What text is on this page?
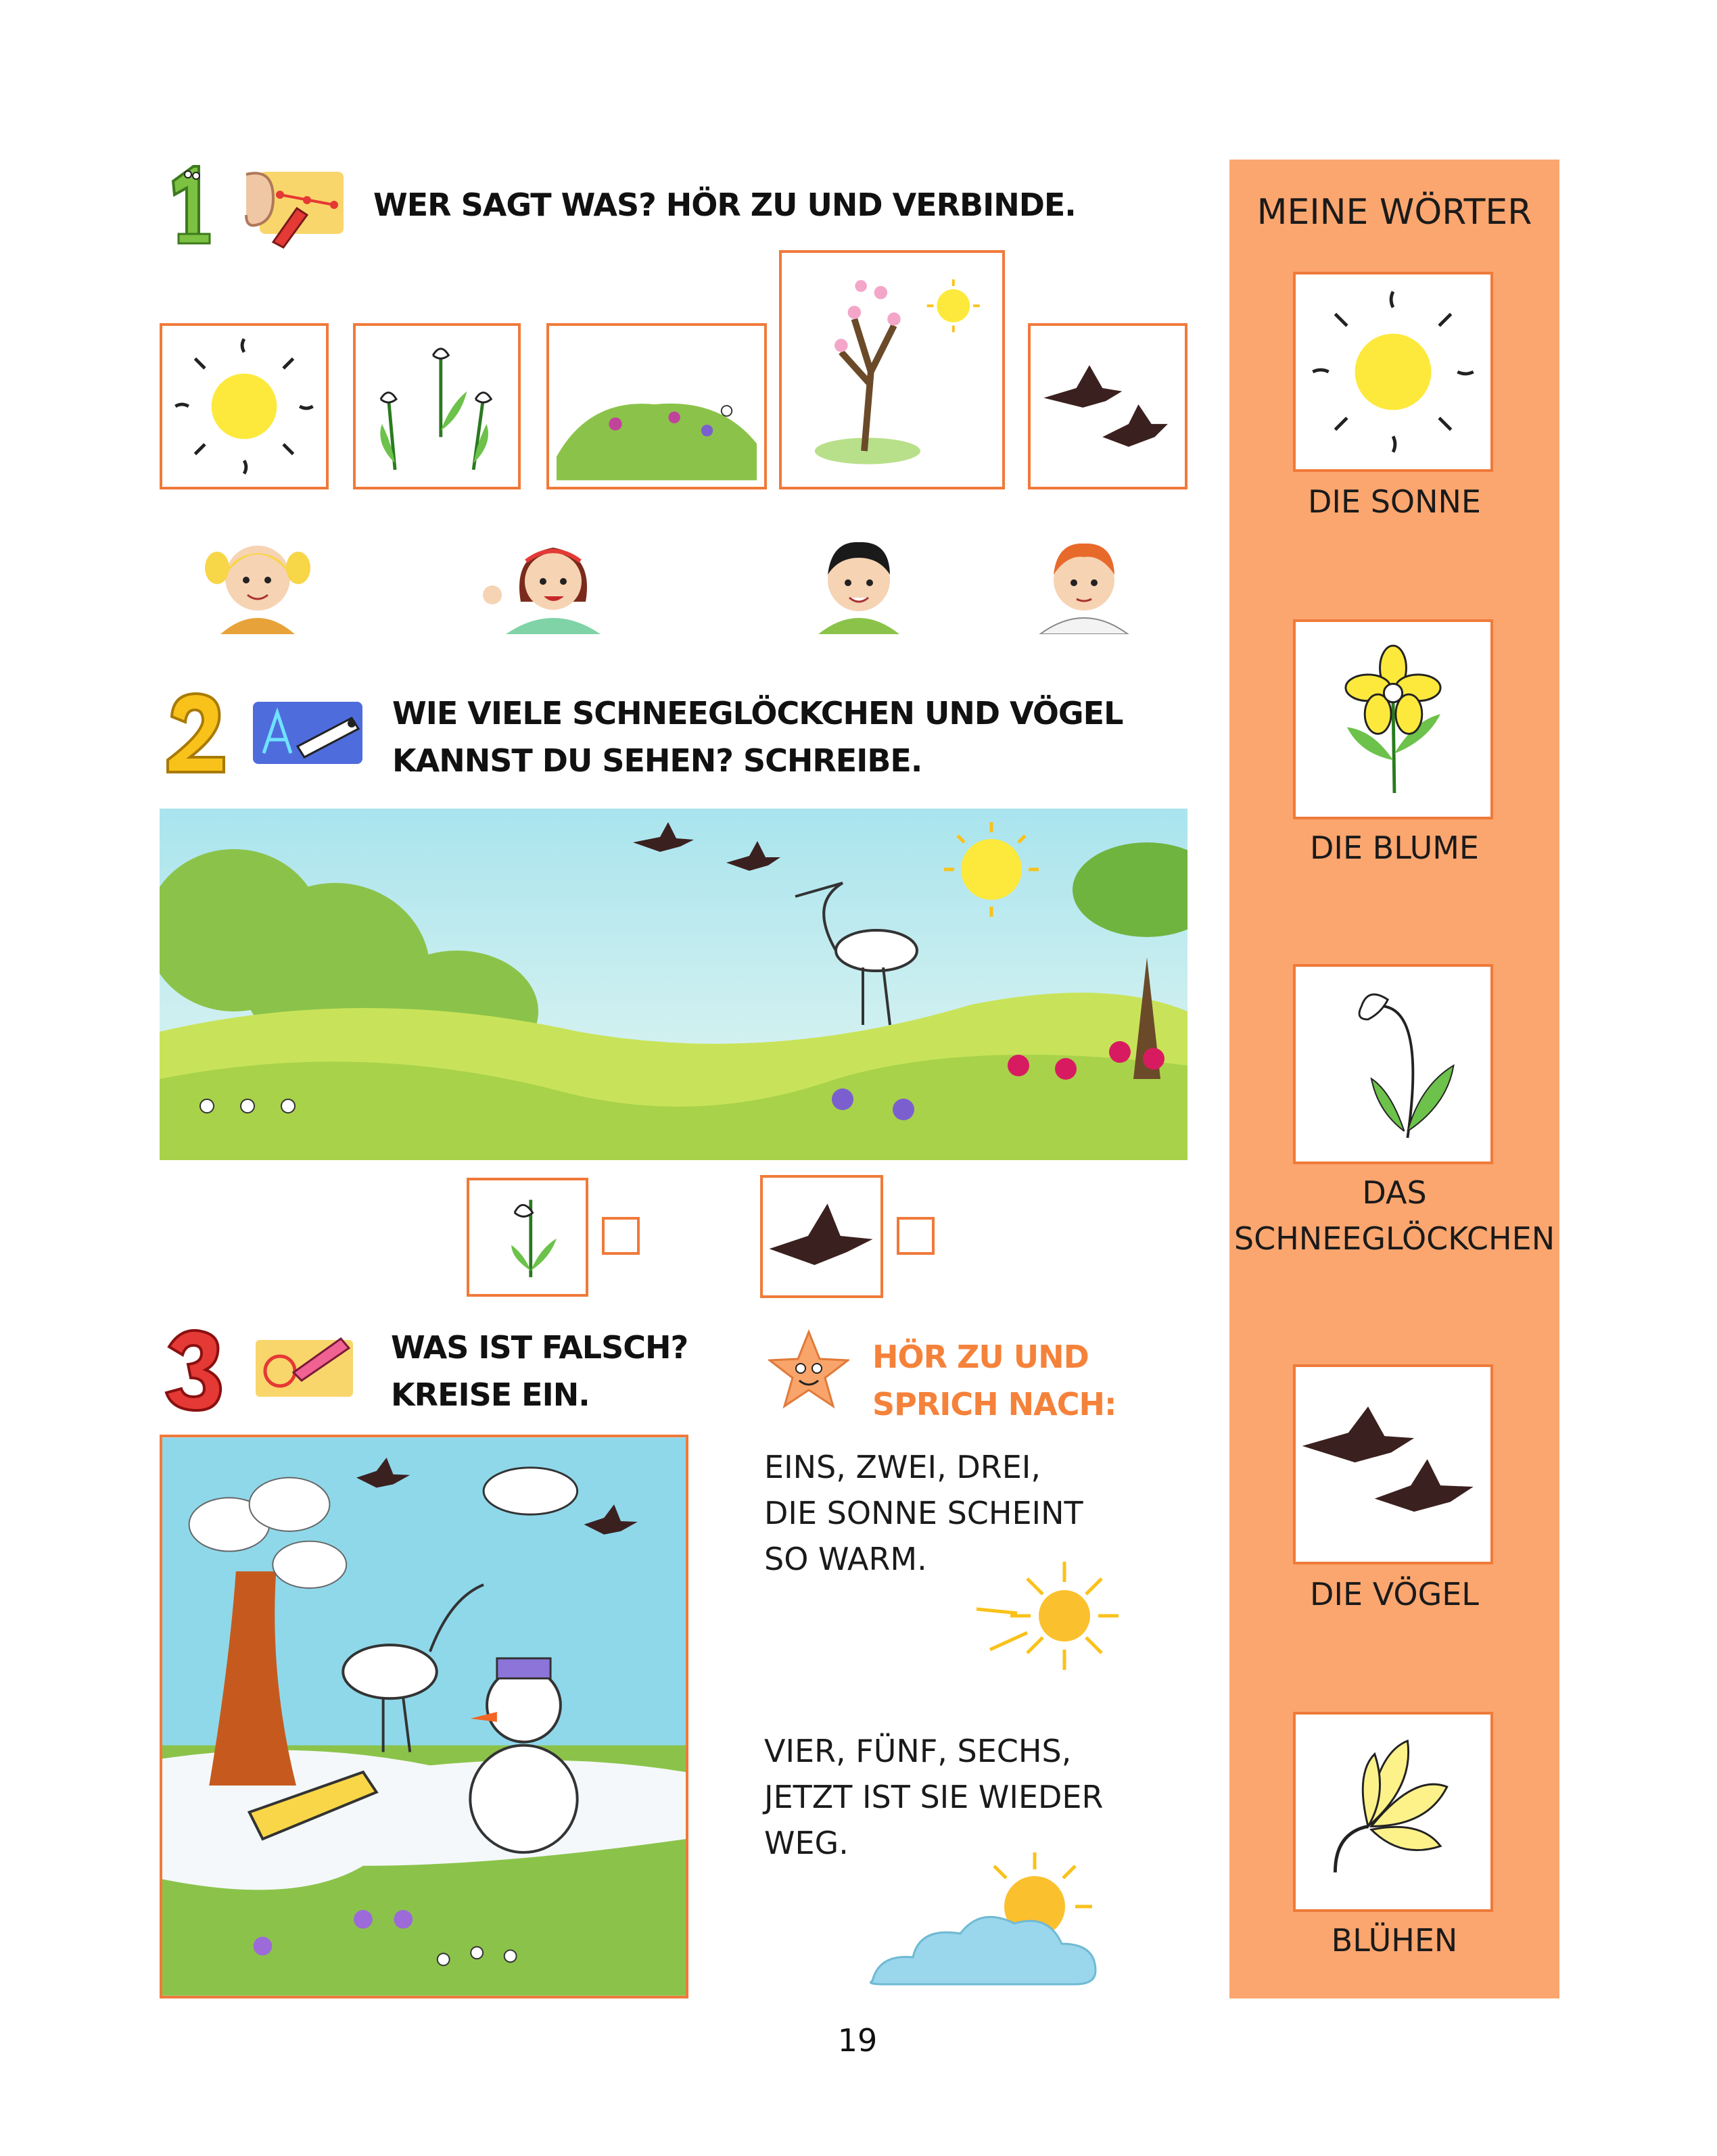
WER SAGT WAS? HÖR ZU UND VERBINDE.
WIE VIELE SCHNEEGLÖCKCHEN UND VÖGEL
KANNST DU SEHEN? SCHREIBE.
WAS IST FALSCH?
KREISE EIN.
HÖR ZU UND
SPRICH NACH:
EINS, ZWEI, DREI,
DIE SONNE SCHEINT
SO WARM.
VIER, FÜNF, SECHS,
JETZT IST SIE WIEDER
WEG.
19
MEINE WÖRTER
DIE SONNE
DIE BLUME
DAS
SCHNEEGLÖCKCHEN
DIE VÖGEL
BLÜHEN
